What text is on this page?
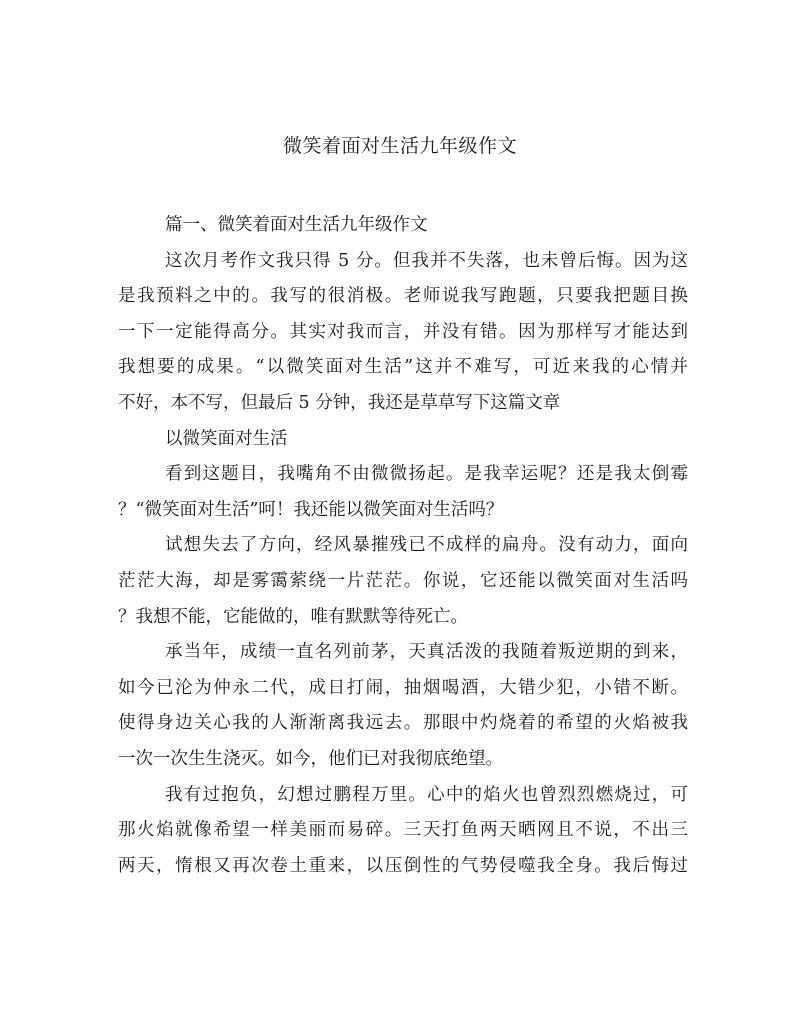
微笑着面对生活九年级作文
篇一、微笑着面对生活九年级作文
这次月考作文我只得 5 分。但我并不失落，也未曾后悔。因为这
是我预料之中的。我写的很消极。老师说我写跑题，只要我把题目换
一下一定能得高分。其实对我而言，并没有错。因为那样写才能达到
我想要的成果。“以微笑面对生活”这并不难写，可近来我的心情并
不好，本不写，但最后 5 分钟，我还是草草写下这篇文章
以微笑面对生活
看到这题目，我嘴角不由微微扬起。是我幸运呢？还是我太倒霉
？“微笑面对生活”呵！我还能以微笑面对生活吗？
试想失去了方向，经风暴摧残已不成样的扁舟。没有动力，面向
茫茫大海，却是雾霭萦绕一片茫茫。你说，它还能以微笑面对生活吗
？我想不能，它能做的，唯有默默等待死亡。
承当年，成绩一直名列前茅，天真活泼的我随着叛逆期的到来，
如今已沦为仲永二代，成日打闹，抽烟喝酒，大错少犯，小错不断。
使得身边关心我的人渐渐离我远去。那眼中灼烧着的希望的火焰被我
一次一次生生浇灭。如今，他们已对我彻底绝望。
我有过抱负，幻想过鹏程万里。心中的焰火也曾烈烈燃烧过，可
那火焰就像希望一样美丽而易碎。三天打鱼两天晒网且不说，不出三
两天，惰根又再次卷土重来，以压倒性的气势侵噬我全身。我后悔过
